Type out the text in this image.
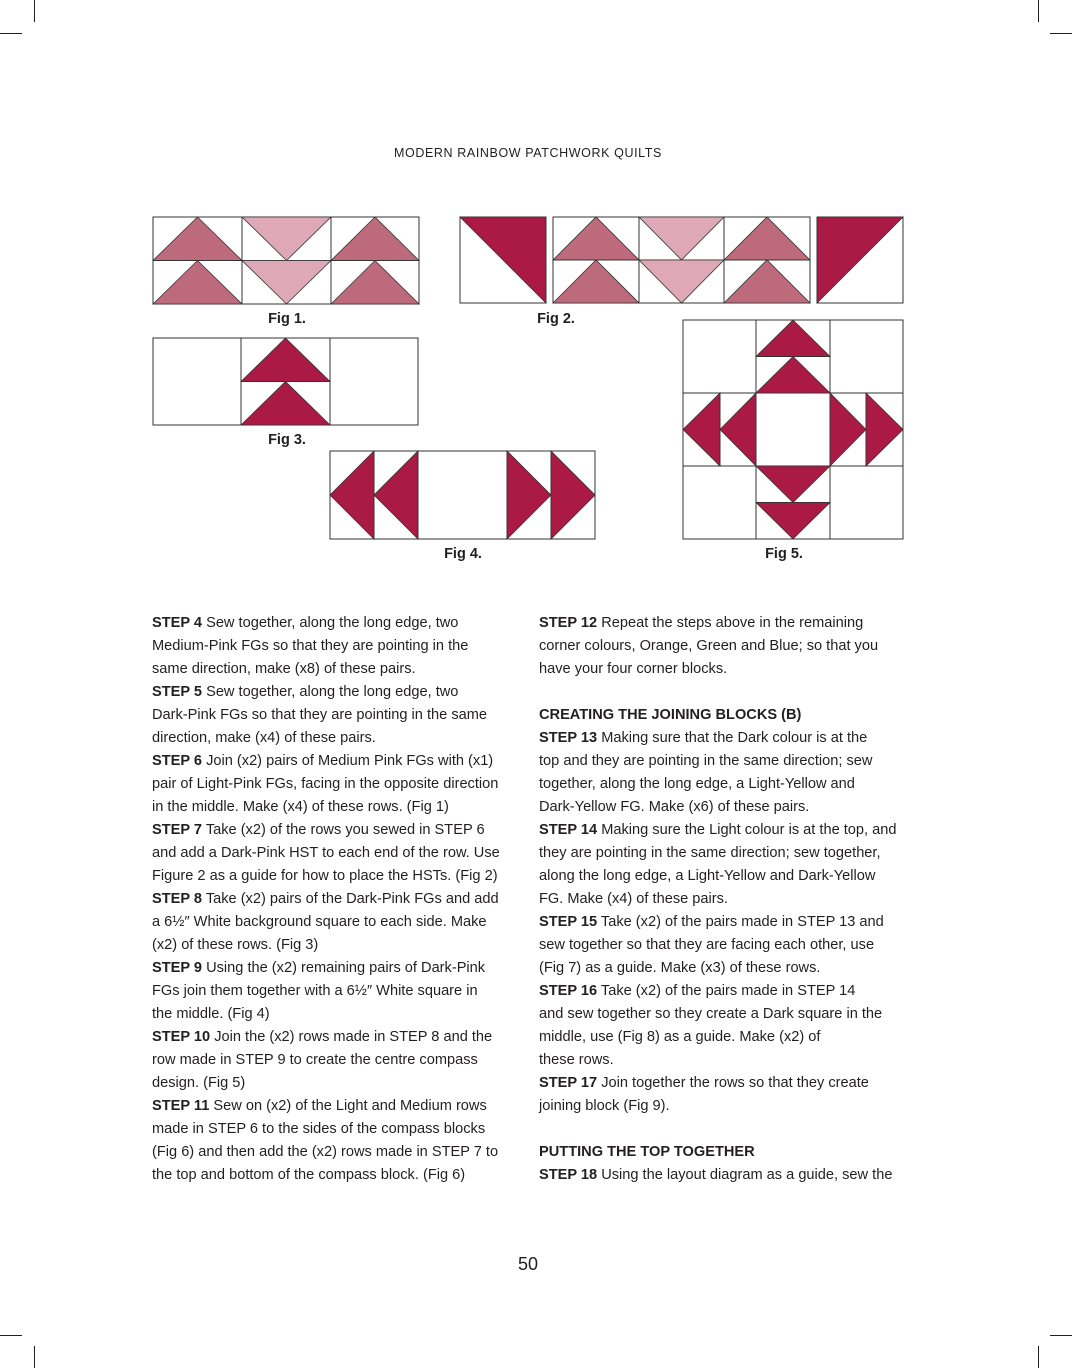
MODERN RAINBOW PATCHWORK QUILTS
Fig 1.	Fig 2.
Fig 3.
Fig 4.	Fig 5.
STEP 4 Sew together, along the long edge, two
Medium-Pink FGs so that they are pointing in the
same direction, make (x8) of these pairs.
STEP 5 Sew together, along the long edge, two
Dark-Pink FGs so that they are pointing in the same
direction, make (x4) of these pairs.
STEP 6 Join (x2) pairs of Medium Pink FGs with (x1)
pair of Light-Pink FGs, facing in the opposite direction
in the middle. Make (x4) of these rows. (Fig 1)
STEP 7 Take (x2) of the rows you sewed in STEP 6
and add a Dark-Pink HST to each end of the row. Use
Figure 2 as a guide for how to place the HSTs. (Fig 2)
STEP 8 Take (x2) pairs of the Dark-Pink FGs and add
a 6½″ White background square to each side. Make
(x2) of these rows. (Fig 3)
STEP 9 Using the (x2) remaining pairs of Dark-Pink
FGs join them together with a 6½″ White square in
the middle. (Fig 4)
STEP 10 Join the (x2) rows made in STEP 8 and the
row made in STEP 9 to create the centre compass
design. (Fig 5)
STEP 11 Sew on (x2) of the Light and Medium rows
made in STEP 6 to the sides of the compass blocks
(Fig 6) and then add the (x2) rows made in STEP 7 to
the top and bottom of the compass block. (Fig 6)
STEP 12 Repeat the steps above in the remaining
corner colours, Orange, Green and Blue; so that you
have your four corner blocks.
CREATING THE JOINING BLOCKS (B)
STEP 13 Making sure that the Dark colour is at the
top and they are pointing in the same direction; sew
together, along the long edge, a Light-Yellow and
Dark-Yellow FG. Make (x6) of these pairs.
STEP 14 Making sure the Light colour is at the top, and
they are pointing in the same direction; sew together,
along the long edge, a Light-Yellow and Dark-Yellow
FG. Make (x4) of these pairs.
STEP 15 Take (x2) of the pairs made in STEP 13 and
sew together so that they are facing each other, use
(Fig 7) as a guide. Make (x3) of these rows.
STEP 16 Take (x2) of the pairs made in STEP 14
and sew together so they create a Dark square in the
middle, use (Fig 8) as a guide. Make (x2) of
these rows.
STEP 17 Join together the rows so that they create
joining block (Fig 9).
PUTTING THE TOP TOGETHER
STEP 18 Using the layout diagram as a guide, sew the
50
